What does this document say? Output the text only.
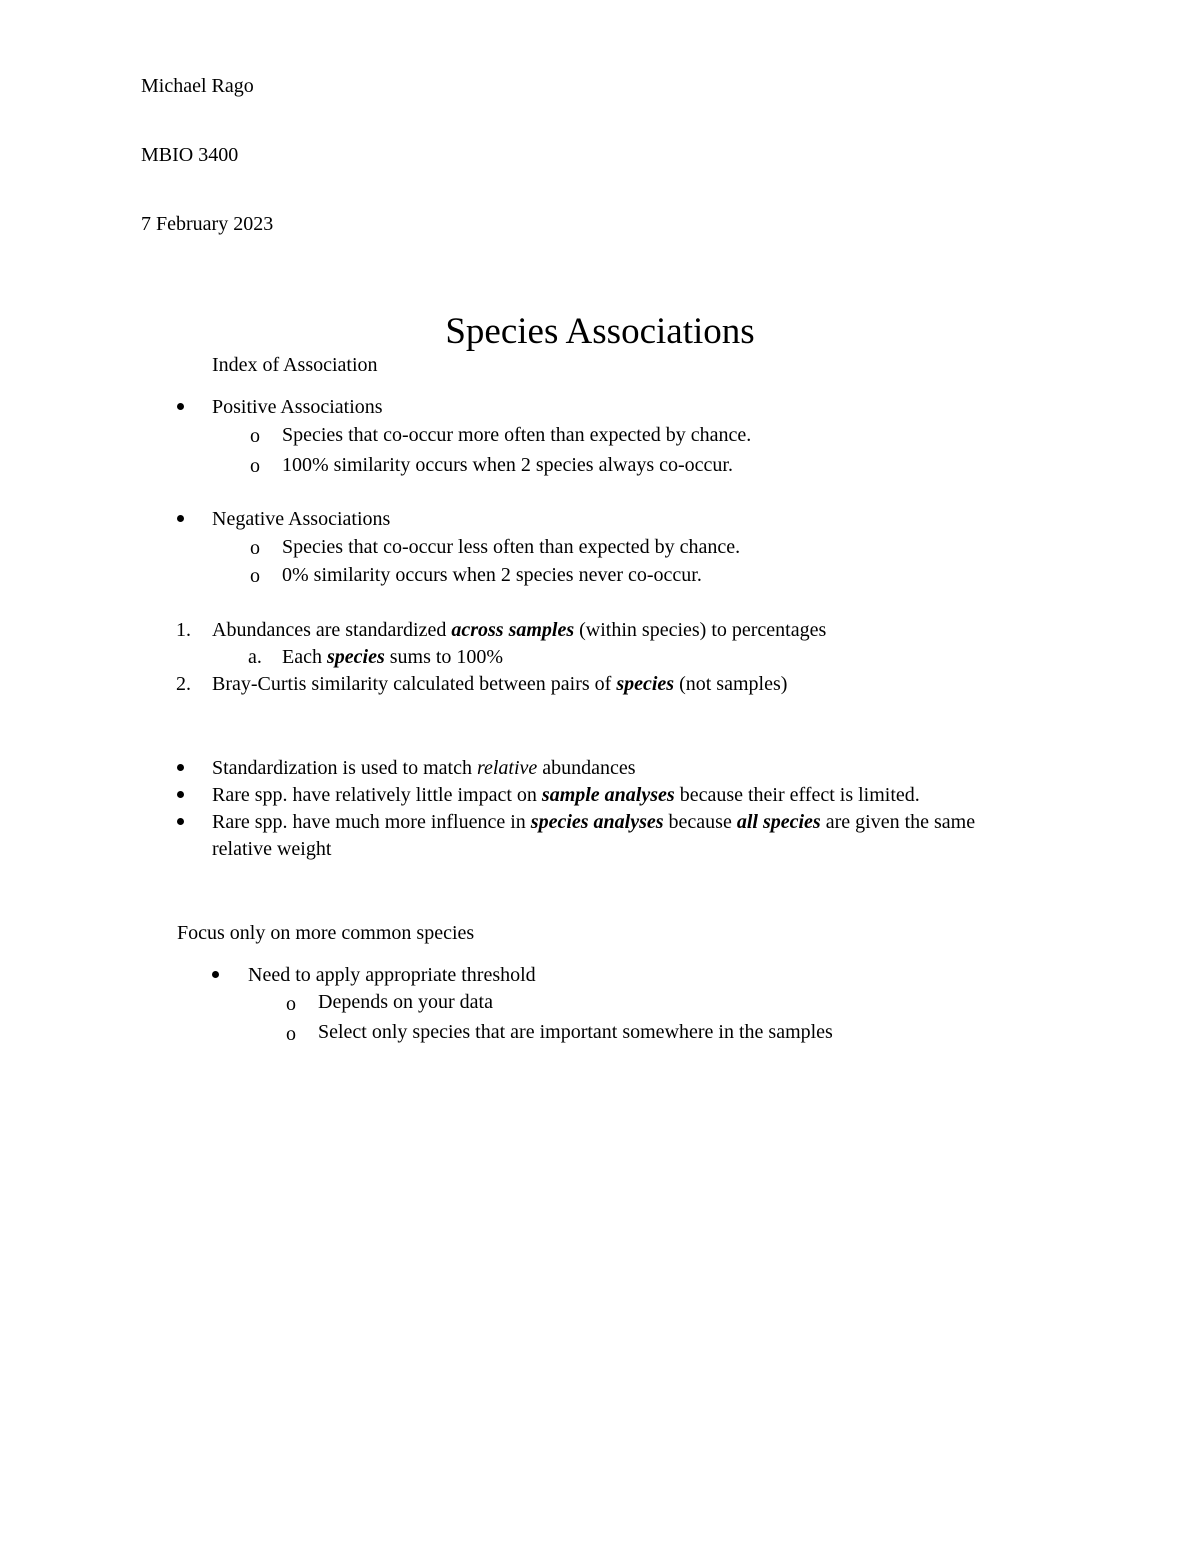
Michael Rago
MBIO 3400
7 February 2023
Species Associations
Index of Association
Positive Associations
o Species that co-occur more often than expected by chance.
o 100% similarity occurs when 2 species always co-occur.
Negative Associations
o Species that co-occur less often than expected by chance.
o 0% similarity occurs when 2 species never co-occur.
1. Abundances are standardized across samples (within species) to percentages
a. Each species sums to 100%
2. Bray-Curtis similarity calculated between pairs of species (not samples)
Standardization is used to match relative abundances
Rare spp. have relatively little impact on sample analyses because their effect is limited.
Rare spp. have much more influence in species analyses because all species are given the same
relative weight
Focus only on more common species
Need to apply appropriate threshold
o Depends on your data
o Select only species that are important somewhere in the samples
